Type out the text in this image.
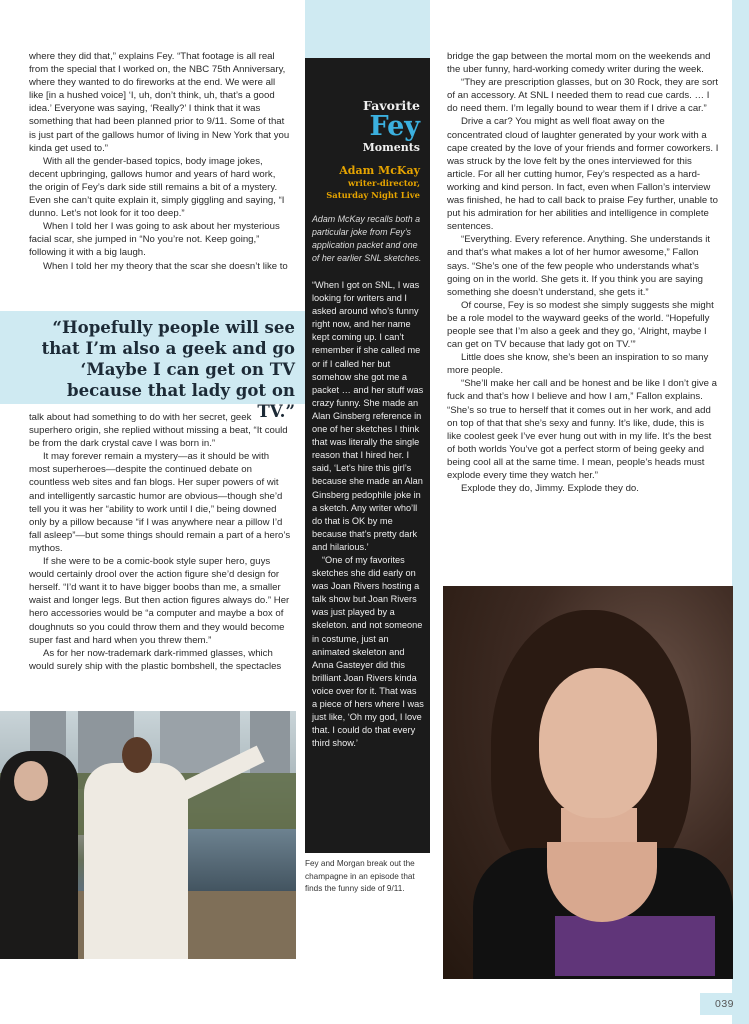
where they did that,” explains Fey. “That footage is all real from the special that I worked on, the NBC 75th Anniversary, where they wanted to do fireworks at the end. We were all like [in a hushed voice] ‘I, uh, don’t think, uh, that’s a good idea.’ Everyone was saying, ‘Really?’ I think that it was something that had been planned prior to 9/11. Some of that is just part of the gallows humor of living in New York that you kinda get used to.”

With all the gender-based topics, body image jokes, decent upbringing, gallows humor and years of hard work, the origin of Fey’s dark side still remains a bit of a mystery. Even she can’t quite explain it, simply giggling and saying, “I dunno. Let’s not look for it too deep.”

When I told her I was going to ask about her mysterious facial scar, she jumped in “No you’re not. Keep going,” following it with a big laugh.

When I told her my theory that the scar she doesn’t like to

“Hopefully people will see that I’m also a geek and go ‘Maybe I can get on TV because that lady got on TV.”

talk about had something to do with her secret, geek superhero origin, she replied without missing a beat, “It could be from the dark crystal cave I was born in.”

It may forever remain a mystery—as it should be with most superheroes—despite the continued debate on countless web sites and fan blogs. Her super powers of wit and intelligently sarcastic humor are obvious—though she’d tell you it was her “ability to work until I die,” being downed only by a pillow because “if I was anywhere near a pillow I’d fall asleep”—but some things should remain a part of a hero’s mythos.

If she were to be a comic-book style super hero, guys would certainly drool over the action figure she’d design for herself. “I’d want it to have bigger boobs than me, a smaller waist and longer legs. But then action figures always do.” Her hero accessories would be “a computer and maybe a box of doughnuts so you could throw them and they would become super fast and hard when you threw them.”

As for her now-trademark dark-rimmed glasses, which would surely ship with the plastic bombshell, the spectacles

Favorite
Fey
Moments
Adam McKay
writer-director, Saturday Night Live
Adam McKay recalls both a particular joke from Fey’s application packet and one of her earlier SNL sketches.

“When I got on SNL, I was looking for writers and I asked around who’s funny right now, and her name kept coming up. I can’t remember if she called me or if I called her but somehow she got me a packet … and her stuff was crazy funny. She made an Alan Ginsberg reference in one of her sketches I think that was literally the single reason that I hired her. I said, ‘Let’s hire this girl’s because she made an Alan Ginsberg pedophile joke in a sketch. Any writer who’ll do that is OK by me because that’s pretty dark and hilarious.’

“One of my favorites sketches she did early on was Joan Rivers hosting a talk show but Joan Rivers was just played by a skeleton. and not someone in costume, just an animated skeleton and Anna Gasteyer did this brilliant Joan Rivers kinda voice over for it. That was a piece of hers where I was just like, ‘Oh my god, I love that. I could do that every third show.’

Fey and Morgan break out the champagne in an episode that finds the funny side of 9/11.

bridge the gap between the mortal mom on the weekends and the uber funny, hard-working comedy writer during the week.

“They are prescription glasses, but on 30 Rock, they are sort of an accessory. At SNL I needed them to read cue cards. … I do need them. I’m legally bound to wear them if I drive a car.”

Drive a car? You might as well float away on the concentrated cloud of laughter generated by your work with a cape created by the love of your friends and former coworkers. I was struck by the love felt by the ones interviewed for this article. For all her cutting humor, Fey’s respected as a hard-working and kind person. In fact, even when Fallon’s interview was finished, he had to call back to praise Fey further, unable to put his admiration for her abilities and intelligence in complete sentences.

“Everything. Every reference. Anything. She understands it and that’s what makes a lot of her humor awesome,” Fallon says. “She’s one of the few people who understands what’s going on in the world. She gets it. If you think you are saying something she doesn’t understand, she gets it.”

Of course, Fey is so modest she simply suggests she might be a role model to the wayward geeks of the world. “Hopefully people see that I’m also a geek and they go, ‘Alright, maybe I can get on TV because that lady got on TV.’”

Little does she know, she’s been an inspiration to so many more people.

“She’ll make her call and be honest and be like I don’t give a fuck and that’s how I believe and how I am,” Fallon explains. “She’s so true to herself that it comes out in her work, and add on top of that that she’s sexy and funny. It’s like, dude, this is like coolest geek I’ve ever hung out with in my life. It’s the best of both worlds You’ve got a perfect storm of being geeky and being cool all at the same time. I mean, people’s heads must explode every time they watch her.”

Explode they do, Jimmy. Explode they do.

039
